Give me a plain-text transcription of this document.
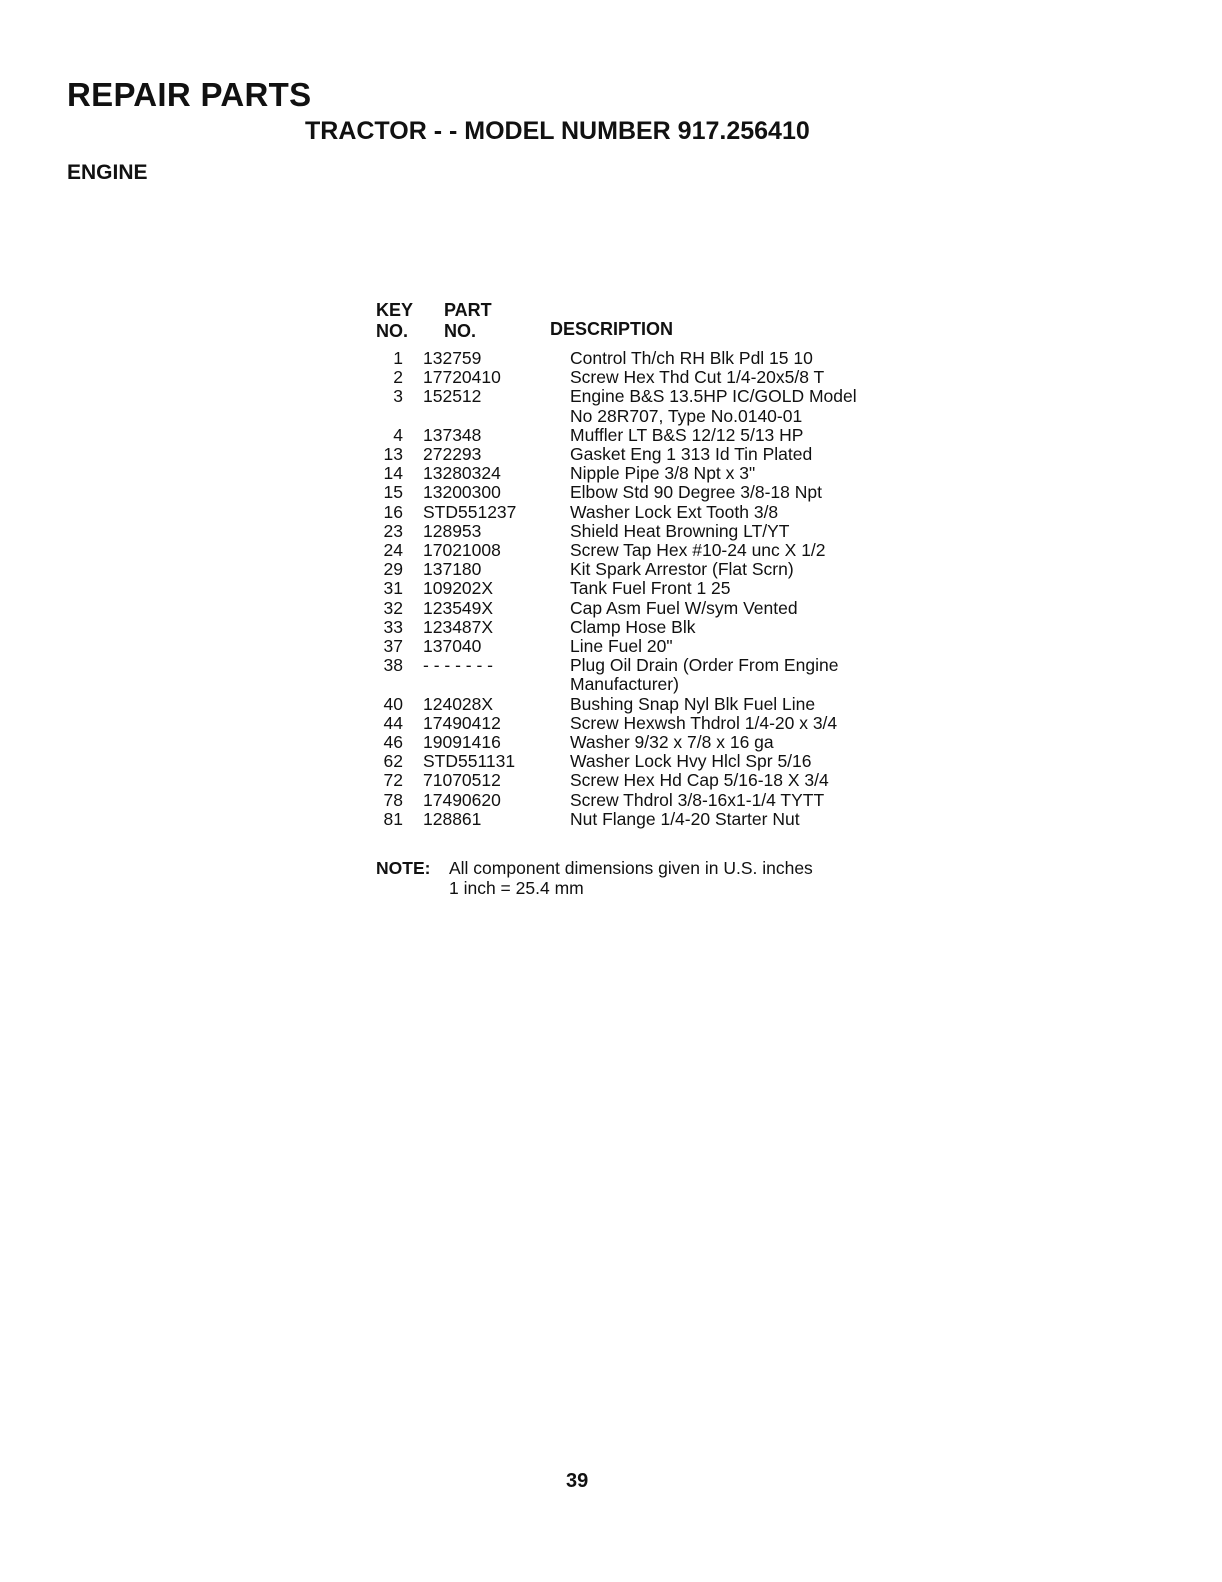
REPAIR PARTS
TRACTOR - - MODEL NUMBER 917.256410
ENGINE
KEY
NO.
PART
NO.	DESCRIPTION
1	132759	Control Th/ch RH Blk Pdl 15 10
2	17720410	Screw Hex Thd Cut 1/4-20x5/8 T
3	152512	Engine B&S 13.5HP IC/GOLD Model
No 28R707, Type No.0140-01
4	137348	Muffler LT B&S 12/12 5/13 HP
13	272293	Gasket Eng 1 313 Id Tin Plated
14	13280324	Nipple Pipe 3/8 Npt x 3"
15	13200300	Elbow Std 90 Degree 3/8-18 Npt
16	STD551237	Washer Lock Ext Tooth 3/8
23	128953	Shield Heat Browning LT/YT
24	17021008	Screw Tap Hex #10-24 unc X 1/2
29	137180	Kit Spark Arrestor (Flat Scrn)
31	109202X	Tank Fuel Front 1 25
32	123549X	Cap Asm Fuel W/sym Vented
33	123487X	Clamp Hose Blk
37	137040	Line Fuel 20"
38	- - - - - - -	Plug Oil Drain (Order From Engine
Manufacturer)
40	124028X	Bushing Snap Nyl Blk Fuel Line
44	17490412	Screw Hexwsh Thdrol 1/4-20 x 3/4
46	19091416	Washer 9/32 x 7/8 x 16 ga
62	STD551131	Washer Lock Hvy Hlcl Spr 5/16
72	71070512	Screw Hex Hd Cap 5/16-18 X 3/4
78	17490620	Screw Thdrol 3/8-16x1-1/4 TYTT
81	128861	Nut Flange 1/4-20 Starter Nut
NOTE:	All component dimensions given in U.S. inches
1 inch = 25.4 mm
39
